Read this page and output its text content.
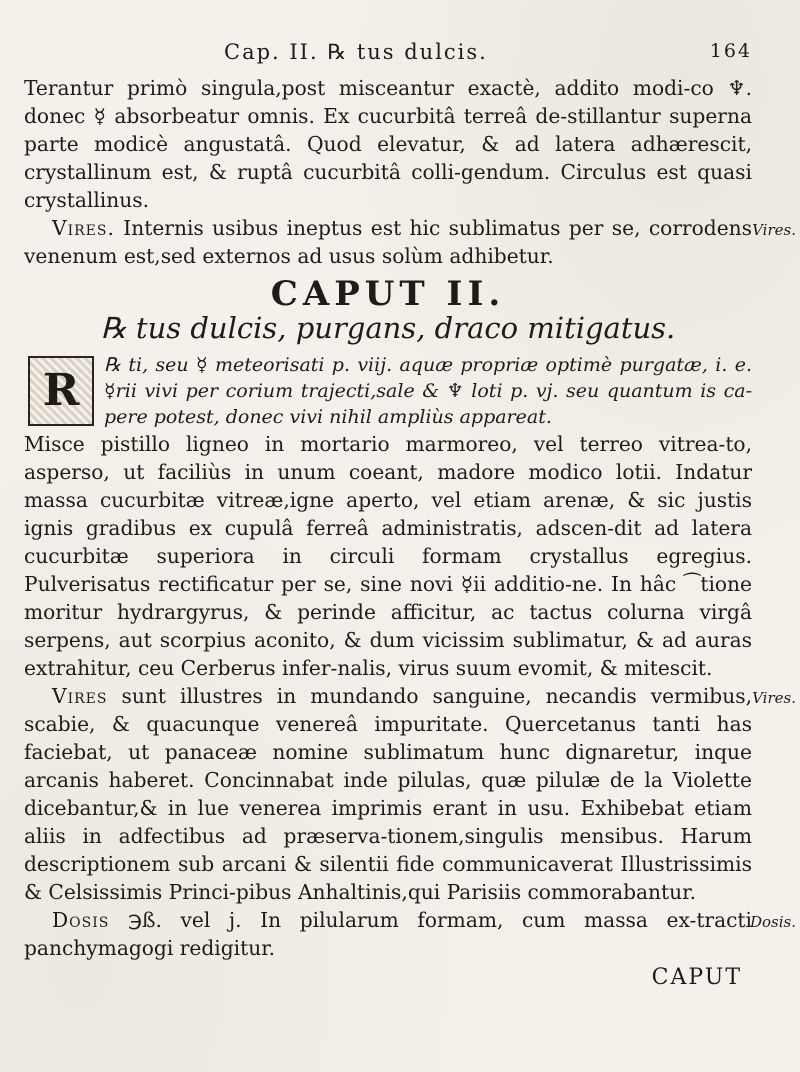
Cap. II. ℞ tus dulcis.	164

Terantur primò singula,post misceantur exactè, addito modi-co ♆. donec ☿ absorbeatur omnis. Ex cucurbitâ terreâ de-stillantur superna parte modicè angustatâ. Quod elevatur, & ad latera adhærescit, crystallinum est, & ruptâ cucurbitâ colli-gendum. Circulus est quasi crystallinus.

Vires. Internis usibus ineptus est hic sublimatus per se, corrodens venenum est,sed externos ad usus solùm adhibetur.

Vires.
CAPUT II.
℞ tus dulcis, purgans, draco mitigatus.
R	℞ ti, seu ☿ meteorisati p. viij. aquæ propriæ optimè purgatæ, i. e. ☿rii vivi per corium trajecti,sale & ♆ loti p. vj. seu quantum is ca-pere potest, donec vivi nihil ampliùs appareat.

Misce pistillo ligneo in mortario marmoreo, vel terreo vitrea-to, asperso, ut faciliùs in unum coeant, madore modico lotii. Indatur massa cucurbitæ vitreæ,igne aperto, vel etiam arenæ, & sic justis ignis gradibus ex cupulâ ferreâ administratis, adscen-dit ad latera cucurbitæ superiora in circuli formam crystallus egregius. Pulverisatus rectificatur per se, sine novi ☿ii additio-ne. In hâc ⁀tione moritur hydrargyrus, & perinde afficitur, ac tactus colurna virgâ serpens, aut scorpius aconito, & dum vicissim sublimatur, & ad auras extrahitur, ceu Cerberus infer-nalis, virus suum evomit, & mitescit.

Vires sunt illustres in mundando sanguine, necandis vermibus, scabie, & quacunque venereâ impuritate. Quercetanus tanti has faciebat, ut panaceæ nomine sublimatum hunc dignaretur, inque arcanis haberet. Concinnabat inde pilulas, quæ pilulæ de la Violette dicebantur,& in lue venerea imprimis erant in usu. Exhibebat etiam aliis in adfectibus ad præserva-tionem,singulis mensibus. Harum descriptionem sub arcani & silentii fide communicaverat Illustrissimis & Celsissimis Princi-pibus Anhaltinis,qui Parisiis commorabantur.

Vires.

Dosis ℈ß. vel j. In pilularum formam, cum massa ex-tracti panchymagogi redigitur.

Dosis.
CAPUT
